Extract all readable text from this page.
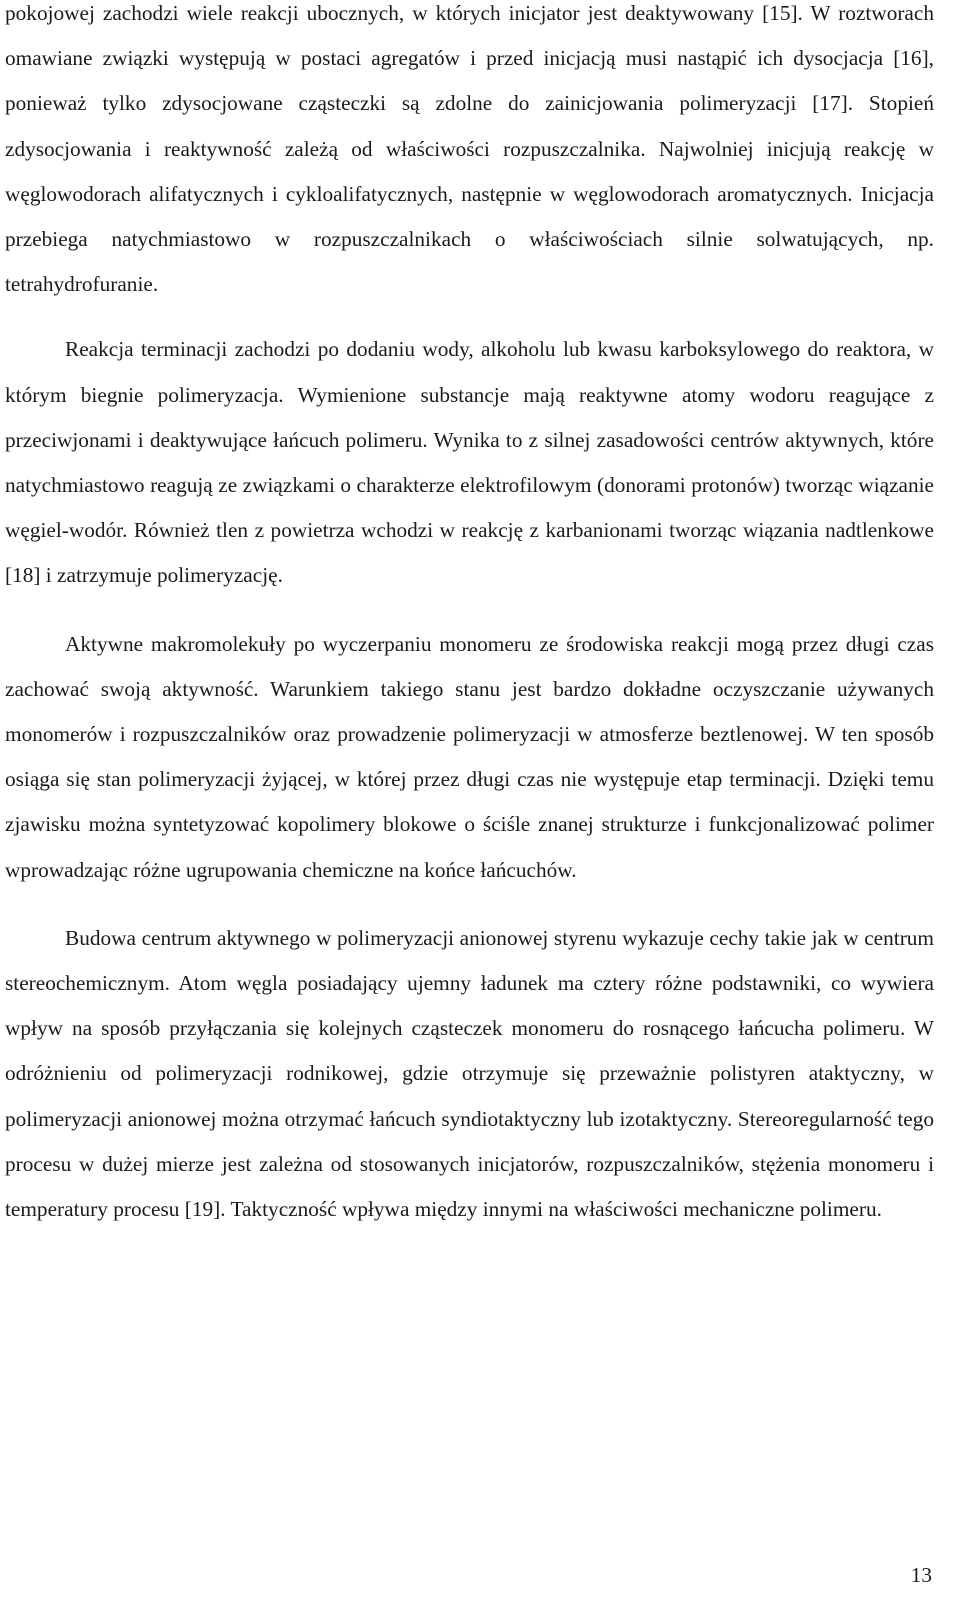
pokojowej zachodzi wiele reakcji ubocznych, w których inicjator jest deaktywowany [15]. W roztworach omawiane związki występują w postaci agregatów i przed inicjacją musi nastąpić ich dysocjacja [16], ponieważ tylko zdysocjowane cząsteczki są zdolne do zainicjowania polimeryzacji [17]. Stopień zdysocjowania i reaktywność zależą od właściwości rozpuszczalnika. Najwolniej inicjują reakcję w węglowodorach alifatycznych i cykloalifatycznych, następnie w węglowodorach aromatycznych. Inicjacja przebiega natychmiastowo w rozpuszczalnikach o właściwościach silnie solwatujących, np. tetrahydrofuranie.

Reakcja terminacji zachodzi po dodaniu wody, alkoholu lub kwasu karboksylowego do reaktora, w którym biegnie polimeryzacja. Wymienione substancje mają reaktywne atomy wodoru reagujące z przeciwjonami i deaktywujące łańcuch polimeru. Wynika to z silnej zasadowości centrów aktywnych, które natychmiastowo reagują ze związkami o charakterze elektrofilowym (donorami protonów) tworząc wiązanie węgiel-wodór. Również tlen z powietrza wchodzi w reakcję z karbanionami tworząc wiązania nadtlenkowe [18] i zatrzymuje polimeryzację.

Aktywne makromolekuły po wyczerpaniu monomeru ze środowiska reakcji mogą przez długi czas zachować swoją aktywność. Warunkiem takiego stanu jest bardzo dokładne oczyszczanie używanych monomerów i rozpuszczalników oraz prowadzenie polimeryzacji w atmosferze beztlenowej. W ten sposób osiąga się stan polimeryzacji żyjącej, w której przez długi czas nie występuje etap terminacji. Dzięki temu zjawisku można syntetyzować kopolimery blokowe o ściśle znanej strukturze i funkcjonalizować polimer wprowadzając różne ugrupowania chemiczne na końce łańcuchów.

Budowa centrum aktywnego w polimeryzacji anionowej styrenu wykazuje cechy takie jak w centrum stereochemicznym. Atom węgla posiadający ujemny ładunek ma cztery różne podstawniki, co wywiera wpływ na sposób przyłączania się kolejnych cząsteczek monomeru do rosnącego łańcucha polimeru. W odróżnieniu od polimeryzacji rodnikowej, gdzie otrzymuje się przeważnie polistyren ataktyczny, w polimeryzacji anionowej można otrzymać łańcuch syndiotaktyczny lub izotaktyczny. Stereoregularność tego procesu w dużej mierze jest zależna od stosowanych inicjatorów, rozpuszczalników, stężenia monomeru i temperatury procesu [19]. Taktyczność wpływa między innymi na właściwości mechaniczne polimeru.

13
